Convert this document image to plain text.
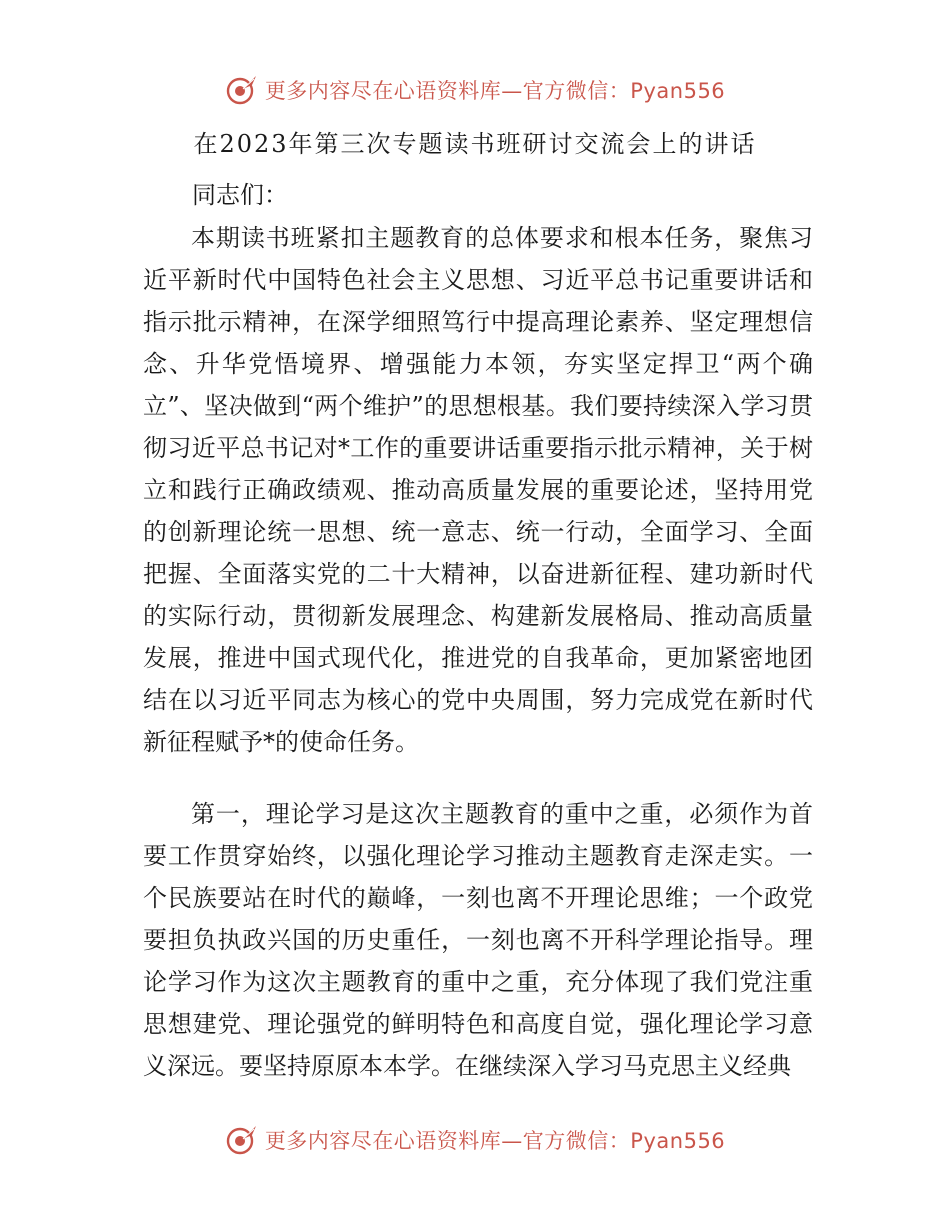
更多内容尽在心语资料库—官方微信：Pyan556
在2023年第三次专题读书班研讨交流会上的讲话
同志们：

本期读书班紧扣主题教育的总体要求和根本任务，聚焦习近平新时代中国特色社会主义思想、习近平总书记重要讲话和指示批示精神，在深学细照笃行中提高理论素养、坚定理想信念、升华党悟境界、增强能力本领，夯实坚定捍卫“两个确立”、坚决做到“两个维护”的思想根基。我们要持续深入学习贯彻习近平总书记对*工作的重要讲话重要指示批示精神，关于树立和践行正确政绩观、推动高质量发展的重要论述，坚持用党的创新理论统一思想、统一意志、统一行动，全面学习、全面把握、全面落实党的二十大精神，以奋进新征程、建功新时代的实际行动，贯彻新发展理念、构建新发展格局、推动高质量发展，推进中国式现代化，推进党的自我革命，更加紧密地团结在以习近平同志为核心的党中央周围，努力完成党在新时代新征程赋予*的使命任务。

第一，理论学习是这次主题教育的重中之重，必须作为首要工作贯穿始终，以强化理论学习推动主题教育走深走实。一个民族要站在时代的巅峰，一刻也离不开理论思维；一个政党要担负执政兴国的历史重任，一刻也离不开科学理论指导。理论学习作为这次主题教育的重中之重，充分体现了我们党注重思想建党、理论强党的鲜明特色和高度自觉，强化理论学习意义深远。要坚持原原本本学。在继续深入学习马克思主义经典

更多内容尽在心语资料库—官方微信：Pyan556
